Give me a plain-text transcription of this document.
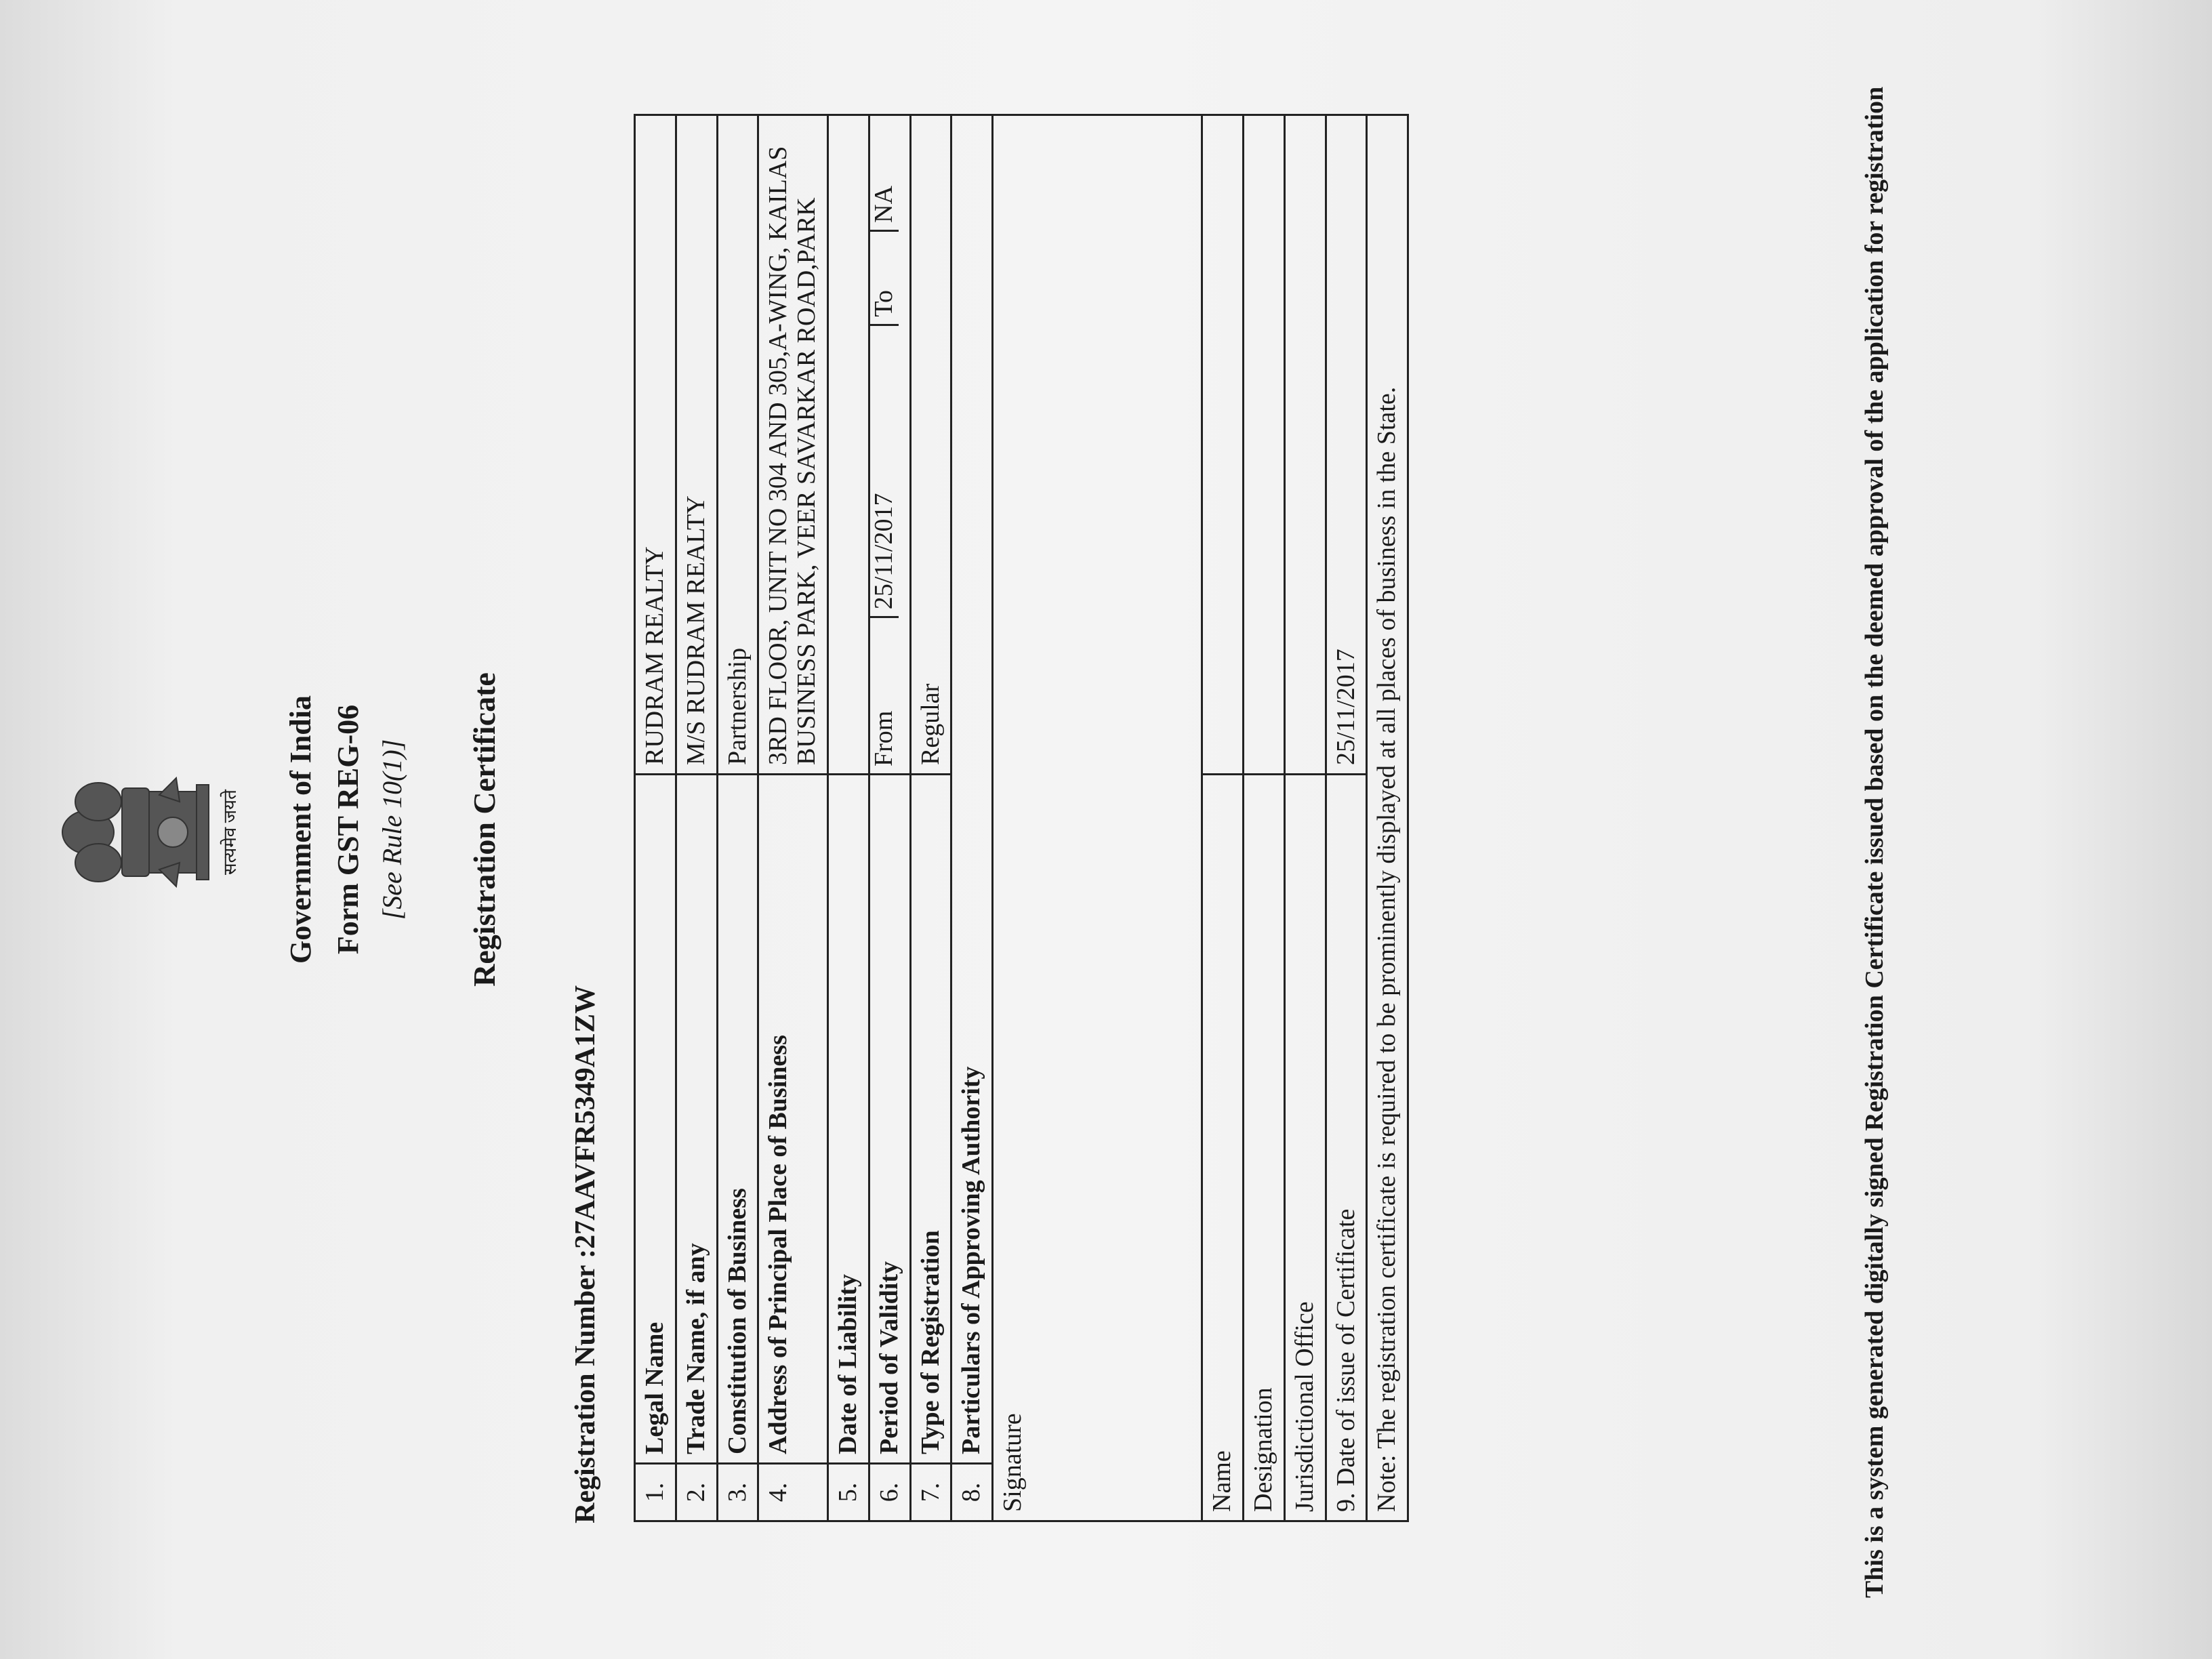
सत्यमेव जयते Government of India Form GST REG-06 [See Rule 10(1)] Registration Certificate
Registration Number :27AAVFR5349A1ZW 1.	Legal Name	RUDRAM REALTY
2.	Trade Name, if any	M/S RUDRAM REALTY
3.	Constitution of Business	Partnership
4.	Address of Principal Place of Business	3RD FLOOR, UNIT NO 304 AND 305,A-WING, KAILAS BUSINESS PARK, VEER SAVARKAR ROAD,PARK
5.	Date of Liability	
6.	Period of Validity	
From	25/11/2017	To	NA

7.	Type of Registration	Regular
8.	Particulars of Approving Authority
Signature
Name	
Designation	
Jurisdictional Office	
9. Date of issue of Certificate	25/11/2017
Note: The registration certificate is required to be prominently displayed at all places of business in the State.	This is a system generated digitally signed Registration Certificate issued based on the deemed approval of the application for registration
